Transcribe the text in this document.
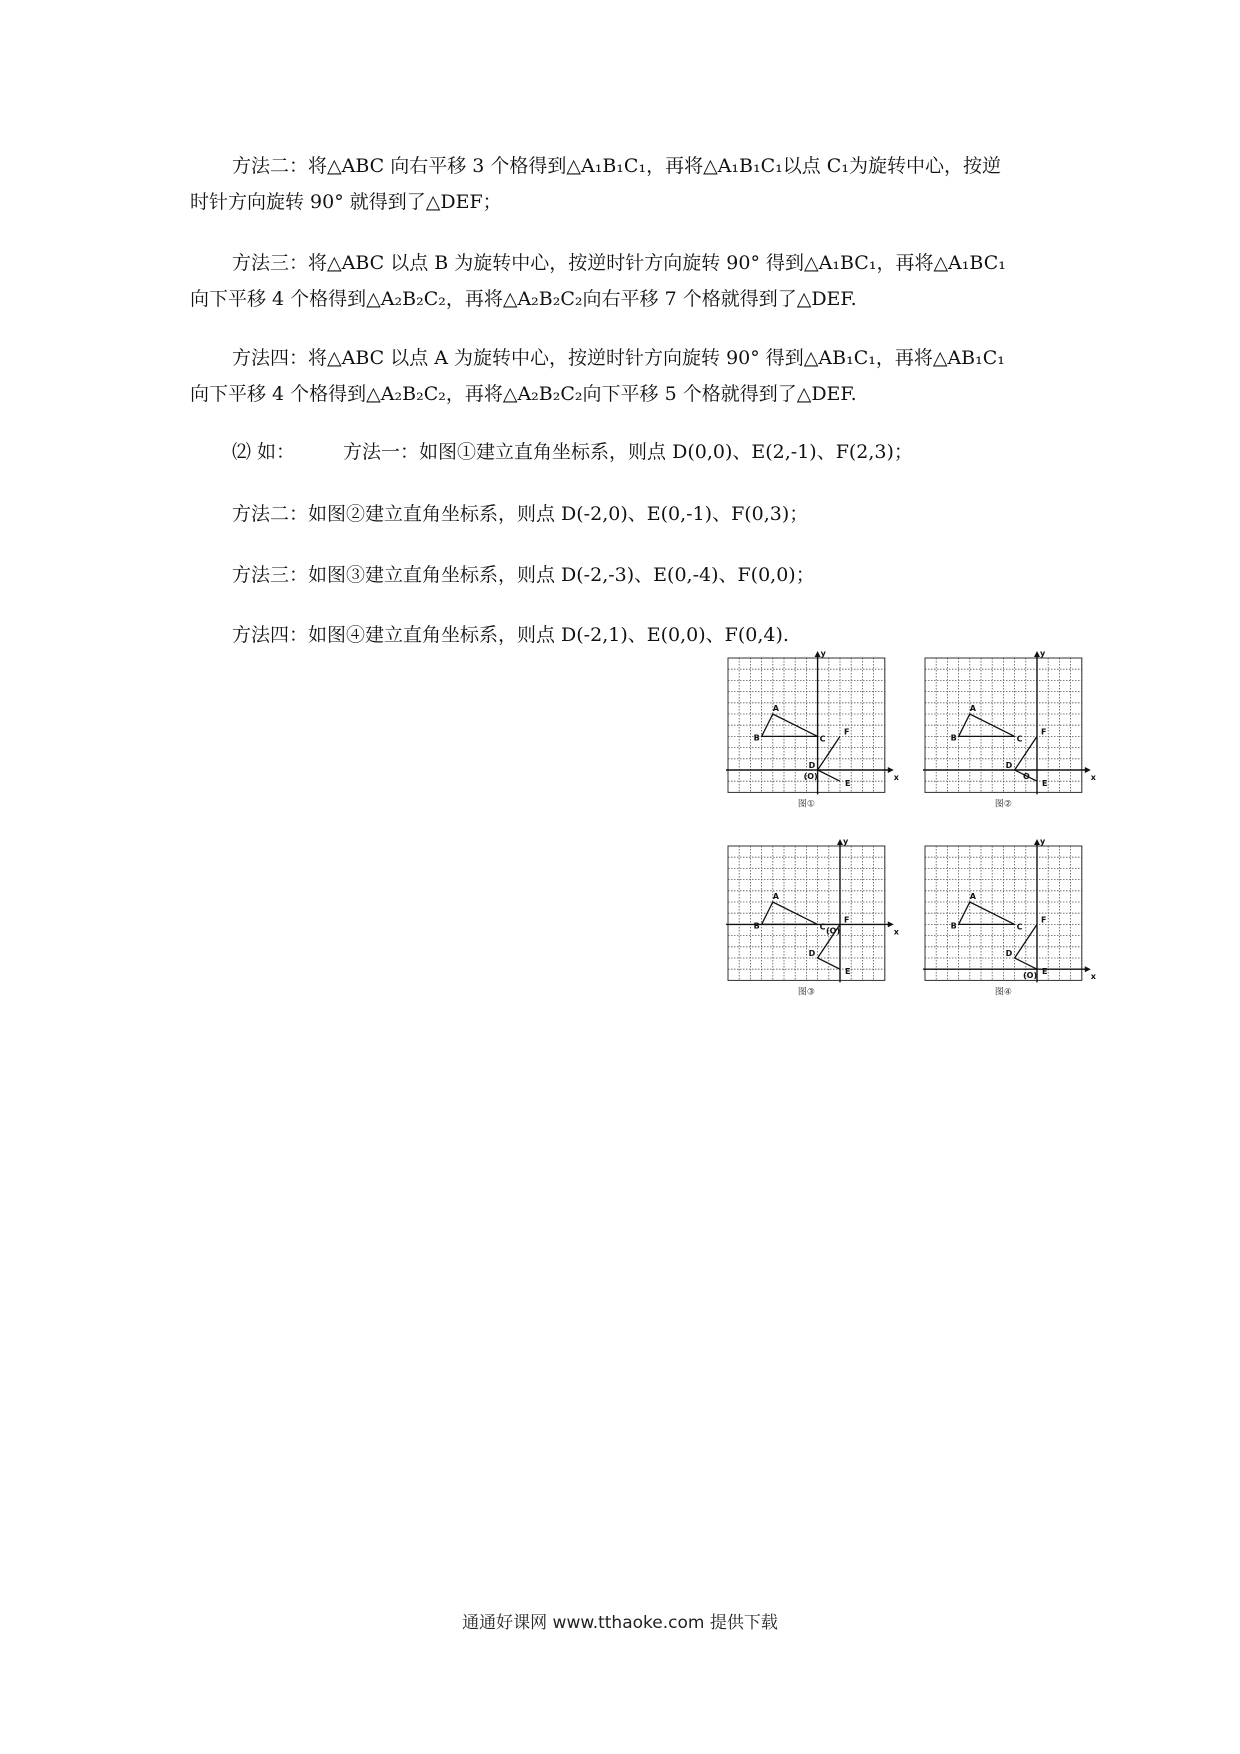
方法二：将△ABC 向右平移 3 个格得到△A₁B₁C₁，再将△A₁B₁C₁以点 C₁为旋转中心，按逆
时针方向旋转 90° 就得到了△DEF；

方法三：将△ABC 以点 B 为旋转中心，按逆时针方向旋转 90° 得到△A₁BC₁，再将△A₁BC₁
向下平移 4 个格得到△A₂B₂C₂，再将△A₂B₂C₂向右平移 7 个格就得到了△DEF.

方法四：将△ABC 以点 A 为旋转中心，按逆时针方向旋转 90° 得到△AB₁C₁，再将△AB₁C₁
向下平移 4 个格得到△A₂B₂C₂，再将△A₂B₂C₂向下平移 5 个格就得到了△DEF.

⑵ 如：	方法一：如图①建立直角坐标系，则点 D(0,0)、E(2,-1)、F(2,3)；

方法二：如图②建立直角坐标系，则点 D(-2,0)、E(0,-1)、F(0,3)；

方法三：如图③建立直角坐标系，则点 D(-2,-3)、E(0,-4)、F(0,0)；

方法四：如图④建立直角坐标系，则点 D(-2,1)、E(0,0)、F(0,4).

x
y
(O)
A
B	C
D
E
F
图①
x
y
O
A
B	C
D
E
F
图②
x
y
(O)
A
B	C
D
E
F
图③
x
y
(O)
A
B	C
D
E
F
图④
通通好课网 www.tthaoke.com 提供下载
